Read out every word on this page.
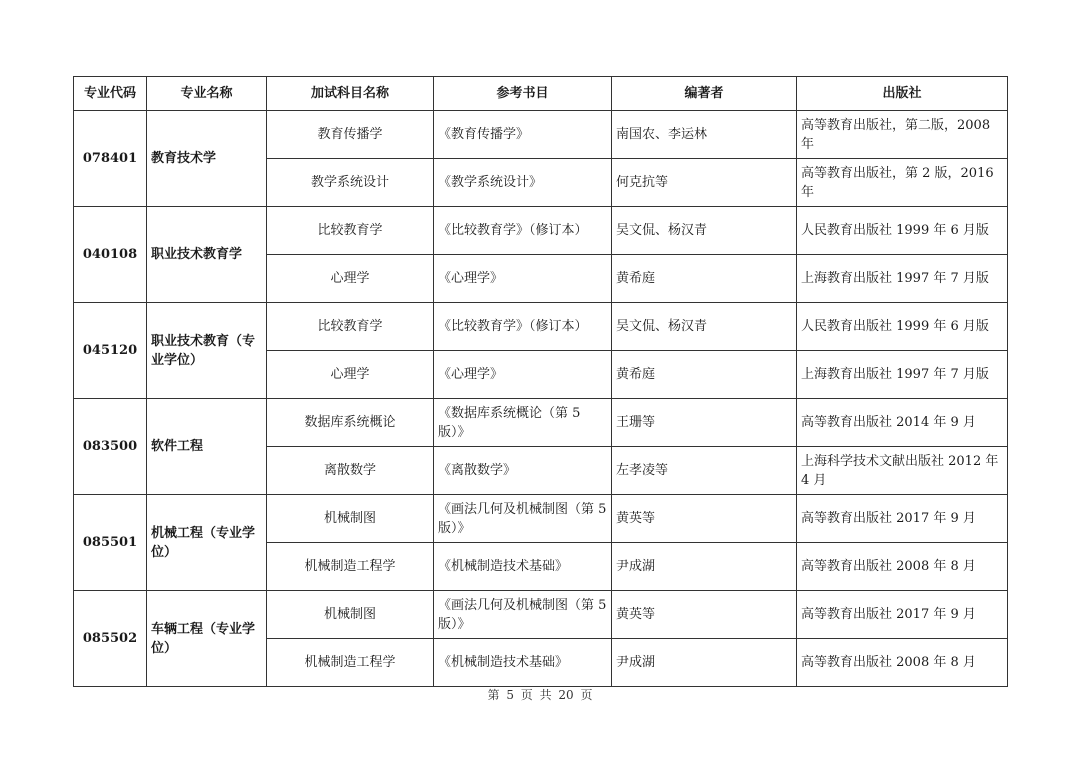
专业代码	专业名称	加试科目名称	参考书目	编著者	出版社
078401	教育技术学	教育传播学	《教育传播学》	南国农、李运林	高等教育出版社，第二版，2008 年
		教学系统设计	《教学系统设计》	何克抗等	高等教育出版社，第 2 版，2016 年
040108	职业技术教育学	比较教育学	《比较教育学》（修订本）	吴文侃、杨汉青	人民教育出版社 1999 年 6 月版
		心理学	《心理学》	黄希庭	上海教育出版社 1997 年 7 月版
045120	职业技术教育（专业学位）	比较教育学	《比较教育学》（修订本）	吴文侃、杨汉青	人民教育出版社 1999 年 6 月版
		心理学	《心理学》	黄希庭	上海教育出版社 1997 年 7 月版
083500	软件工程	数据库系统概论	《数据库系统概论（第 5 版）》	王珊等	高等教育出版社 2014 年 9 月
		离散数学	《离散数学》	左孝凌等	上海科学技术文献出版社 2012 年 4 月
085501	机械工程（专业学位）	机械制图	《画法几何及机械制图（第 5 版）》	黄英等	高等教育出版社 2017 年 9 月
		机械制造工程学	《机械制造技术基础》	尹成湖	高等教育出版社 2008 年 8 月
085502	车辆工程（专业学位）	机械制图	《画法几何及机械制图（第 5 版）》	黄英等	高等教育出版社 2017 年 9 月
		机械制造工程学	《机械制造技术基础》	尹成湖	高等教育出版社 2008 年 8 月
第 5 页 共 20 页
